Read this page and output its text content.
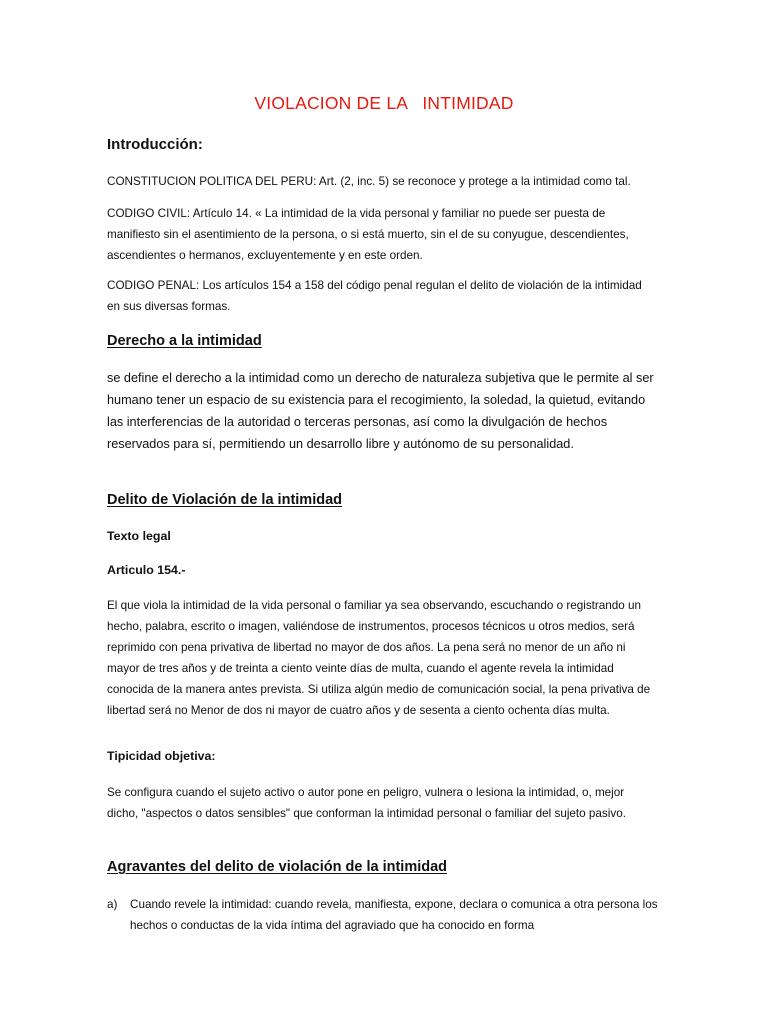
VIOLACION DE LA   INTIMIDAD
Introducción:
CONSTITUCION POLITICA DEL PERU: Art. (2, inc. 5) se reconoce y protege a la intimidad como tal.
CODIGO CIVIL: Artículo 14. « La intimidad de la vida personal y familiar no puede ser puesta de manifiesto sin el asentimiento de la persona, o si está muerto, sin el de su conyugue, descendientes, ascendientes o hermanos, excluyentemente y en este orden.
CODIGO PENAL: Los artículos 154 a 158 del código penal regulan el delito de violación de la intimidad en sus diversas formas.
Derecho a la intimidad
se define el derecho a la intimidad como un derecho de naturaleza subjetiva que le permite al ser humano tener un espacio de su existencia para el recogimiento, la soledad, la quietud, evitando las interferencias de la autoridad o terceras personas, así como la divulgación de hechos reservados para sí, permitiendo un desarrollo libre y autónomo de su personalidad.
Delito de Violación de la intimidad
Texto legal
Articulo 154.-
El que viola la intimidad de la vida personal o familiar ya sea observando, escuchando o registrando un hecho, palabra, escrito o imagen, valiéndose de instrumentos, procesos técnicos u otros medios, será reprimido con pena privativa de libertad no mayor de dos años. La pena será no menor de un año ni mayor de tres años y de treinta a ciento veinte días de multa, cuando el agente revela la intimidad conocida de la manera antes prevista. Si utiliza algún medio de comunicación social, la pena privativa de libertad será no Menor de dos ni mayor de cuatro años y de sesenta a ciento ochenta días multa.
Tipicidad objetiva:
Se configura cuando el sujeto activo o autor pone en peligro, vulnera o lesiona la intimidad, o, mejor dicho, "aspectos o datos sensibles" que conforman la intimidad personal o familiar del sujeto pasivo.
Agravantes del delito de violación de la intimidad
a) Cuando revele la intimidad: cuando revela, manifiesta, expone, declara o comunica a otra persona los hechos o conductas de la vida íntima del agraviado que ha conocido en forma
